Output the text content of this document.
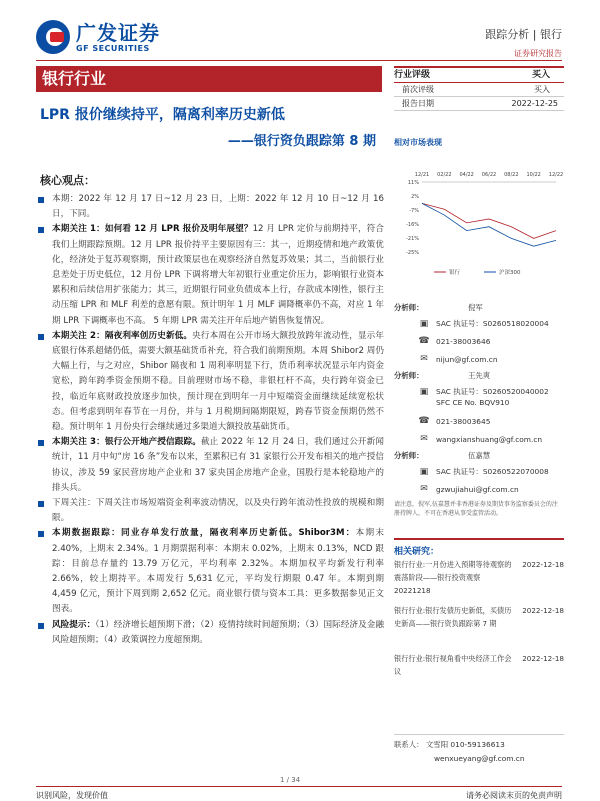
广发证券
GF SECURITIES
跟踪分析 | 银行
证券研究报告
银行行业
LPR 报价继续持平，隔离利率历史新低
——银行资负跟踪第 8 期
核心观点：
本期：2022 年 12 月 17 日~12 月 23 日，上期：2022 年 12 月 10 日~12 月 16 日，下同。
本期关注 1：如何看 12 月 LPR 报价及明年展望？12 月 LPR 定价与前期持平，符合我们上期跟踪预期。12 月 LPR 报价持平主要原因有三：其一，近期疫情和地产政策优化，经济处于复苏观察期，预计政策层也在观察经济自然复苏效果；其二，当前银行业息差处于历史低位，12 月份 LPR 下调将增大年初银行业重定价压力，影响银行业资本累积和后续信用扩张能力；其三，近期银行同业负债成本上行，存款成本刚性，银行主动压缩 LPR 和 MLF 利差的意愿有限。预计明年 1 月 MLF 调降概率仍不高，对应 1 年期 LPR 下调概率也不高。 5 年期 LPR 需关注开年后地产销售恢复情况。
本期关注 2：隔夜利率创历史新低。央行本周在公开市场大额投放跨年流动性，显示年底银行体系超储仍低，需要大额基础货币补充，符合我们前期预期。本周 Shibor2 周仍大幅上行，与之对应，Shibor 隔夜和 1 周利率明显下行，货币利率状况显示年内资金宽松，跨年跨季资金预期不稳。目前理财市场不稳，非银杠杆不高，央行跨年资金已投，临近年底财政投放逐步加快，预计现在到明年一月中短端资金面继续延续宽松状态。但考虑到明年春节在一月份，并与 1 月税期间隔期限短，跨春节资金预期仍然不稳。预计明年 1 月份央行会继续通过多渠道大额投放基础货币。
本期关注 3：银行公开地产授信跟踪。截止 2022 年 12 月 24 日，我们通过公开新闻统计，11 月中旬“房 16 条”发布以来，至累积已有 31 家银行公开发布相关的地产授信协议，涉及 59 家民营房地产企业和 37 家央国企房地产企业，国股行是本轮稳地产的排头兵。
下周关注：下周关注市场短端资金利率波动情况，以及央行跨年流动性投放的规模和期限。
本期数据跟踪：同业存单发行放量，隔夜利率历史新低。Shibor3M：本期末 2.40%，上期末 2.34%。1 月期票据利率：本期末 0.02%，上期末 0.13%，NCD 跟踪：目前总存量约 13.79 万亿元，平均利率 2.32%。本期加权平均新发行利率 2.66%，较上期持平。本周发行 5,631 亿元，平均发行期限 0.47 年。本期到期 4,459 亿元，预计下周到期 2,652 亿元。商业银行债与资本工具：更多数据参见正文图表。
风险提示：（1）经济增长超预期下滑；（2）疫情持续时间超预期；（3）国际经济及金融风险超预期；（4）政策调控力度超预期。
行业评级	买入
前次评级	买入
报告日期	2022-12-25
相对市场表现
11%
2%
-7%
-16%
-21%
-25%
12/21 02/22 04/22 06/22 08/22 10/22 12/22
银行	沪深300
分析师：	倪军
▣	SAC 执证号：S0260518020004
☎ 021-38003646
✉	nijun@gf.com.cn
分析师：	王先爽
▣	SAC 执证号：S0260520040002
SFC CE No. BQV910
☎ 021-38003645
✉	wangxianshuang@gf.com.cn
分析师：	伍嘉慧
▣	SAC 执证号：S0260522070008
✉	gzwujiahui@gf.com.cn
请注意，倪军,伍嘉慧并非香港证券及期货事务监察委员会的注册持牌人，不可在香港从事受监管活动。
相关研究：
银行行业:一月份进入预期等待观察的震荡阶段——银行投资观察 20221218
2022-12-18
银行行业:银行发债历史新低，买债历史新高——银行资负跟踪第 7 期
2022-12-18
银行行业:银行视角看中央经济工作会议
2022-12-18
联系人： 文雪阳 010-59136613
wenxueyang@gf.com.cn
1 / 34
识别风险，发现价值	请务必阅读末页的免责声明
